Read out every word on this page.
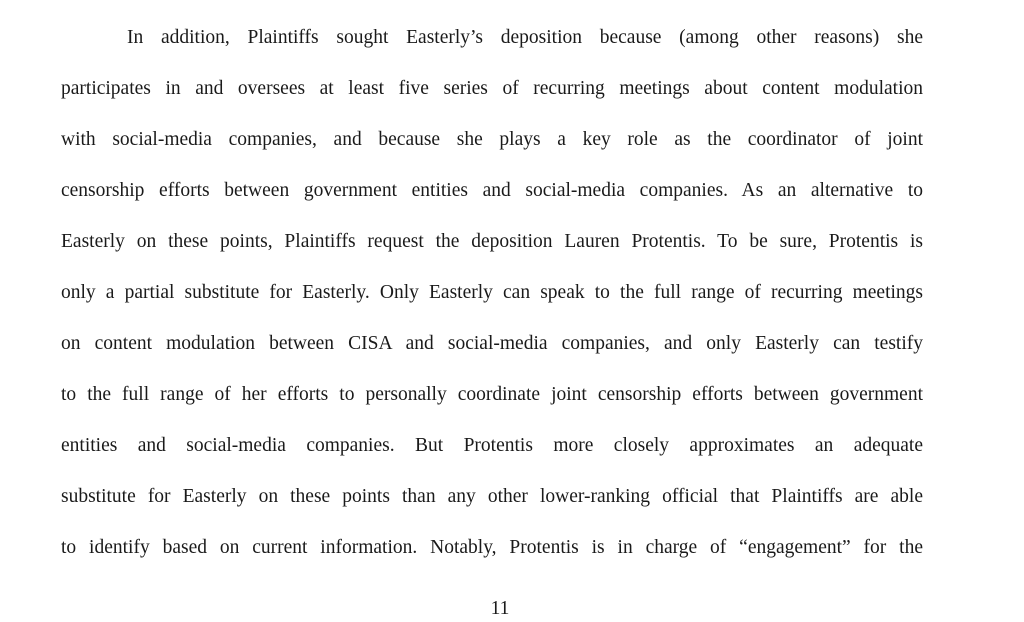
In addition, Plaintiffs sought Easterly’s deposition because (among other reasons) she

participates in and oversees at least five series of recurring meetings about content modulation

with social-media companies, and because she plays a key role as the coordinator of joint

censorship efforts between government entities and social-media companies. As an alternative to

Easterly on these points, Plaintiffs request the deposition Lauren Protentis. To be sure, Protentis is

only a partial substitute for Easterly. Only Easterly can speak to the full range of recurring meetings

on content modulation between CISA and social-media companies, and only Easterly can testify

to the full range of her efforts to personally coordinate joint censorship efforts between government

entities and social-media companies. But Protentis more closely approximates an adequate

substitute for Easterly on these points than any other lower-ranking official that Plaintiffs are able

to identify based on current information. Notably, Protentis is in charge of “engagement” for the

11
